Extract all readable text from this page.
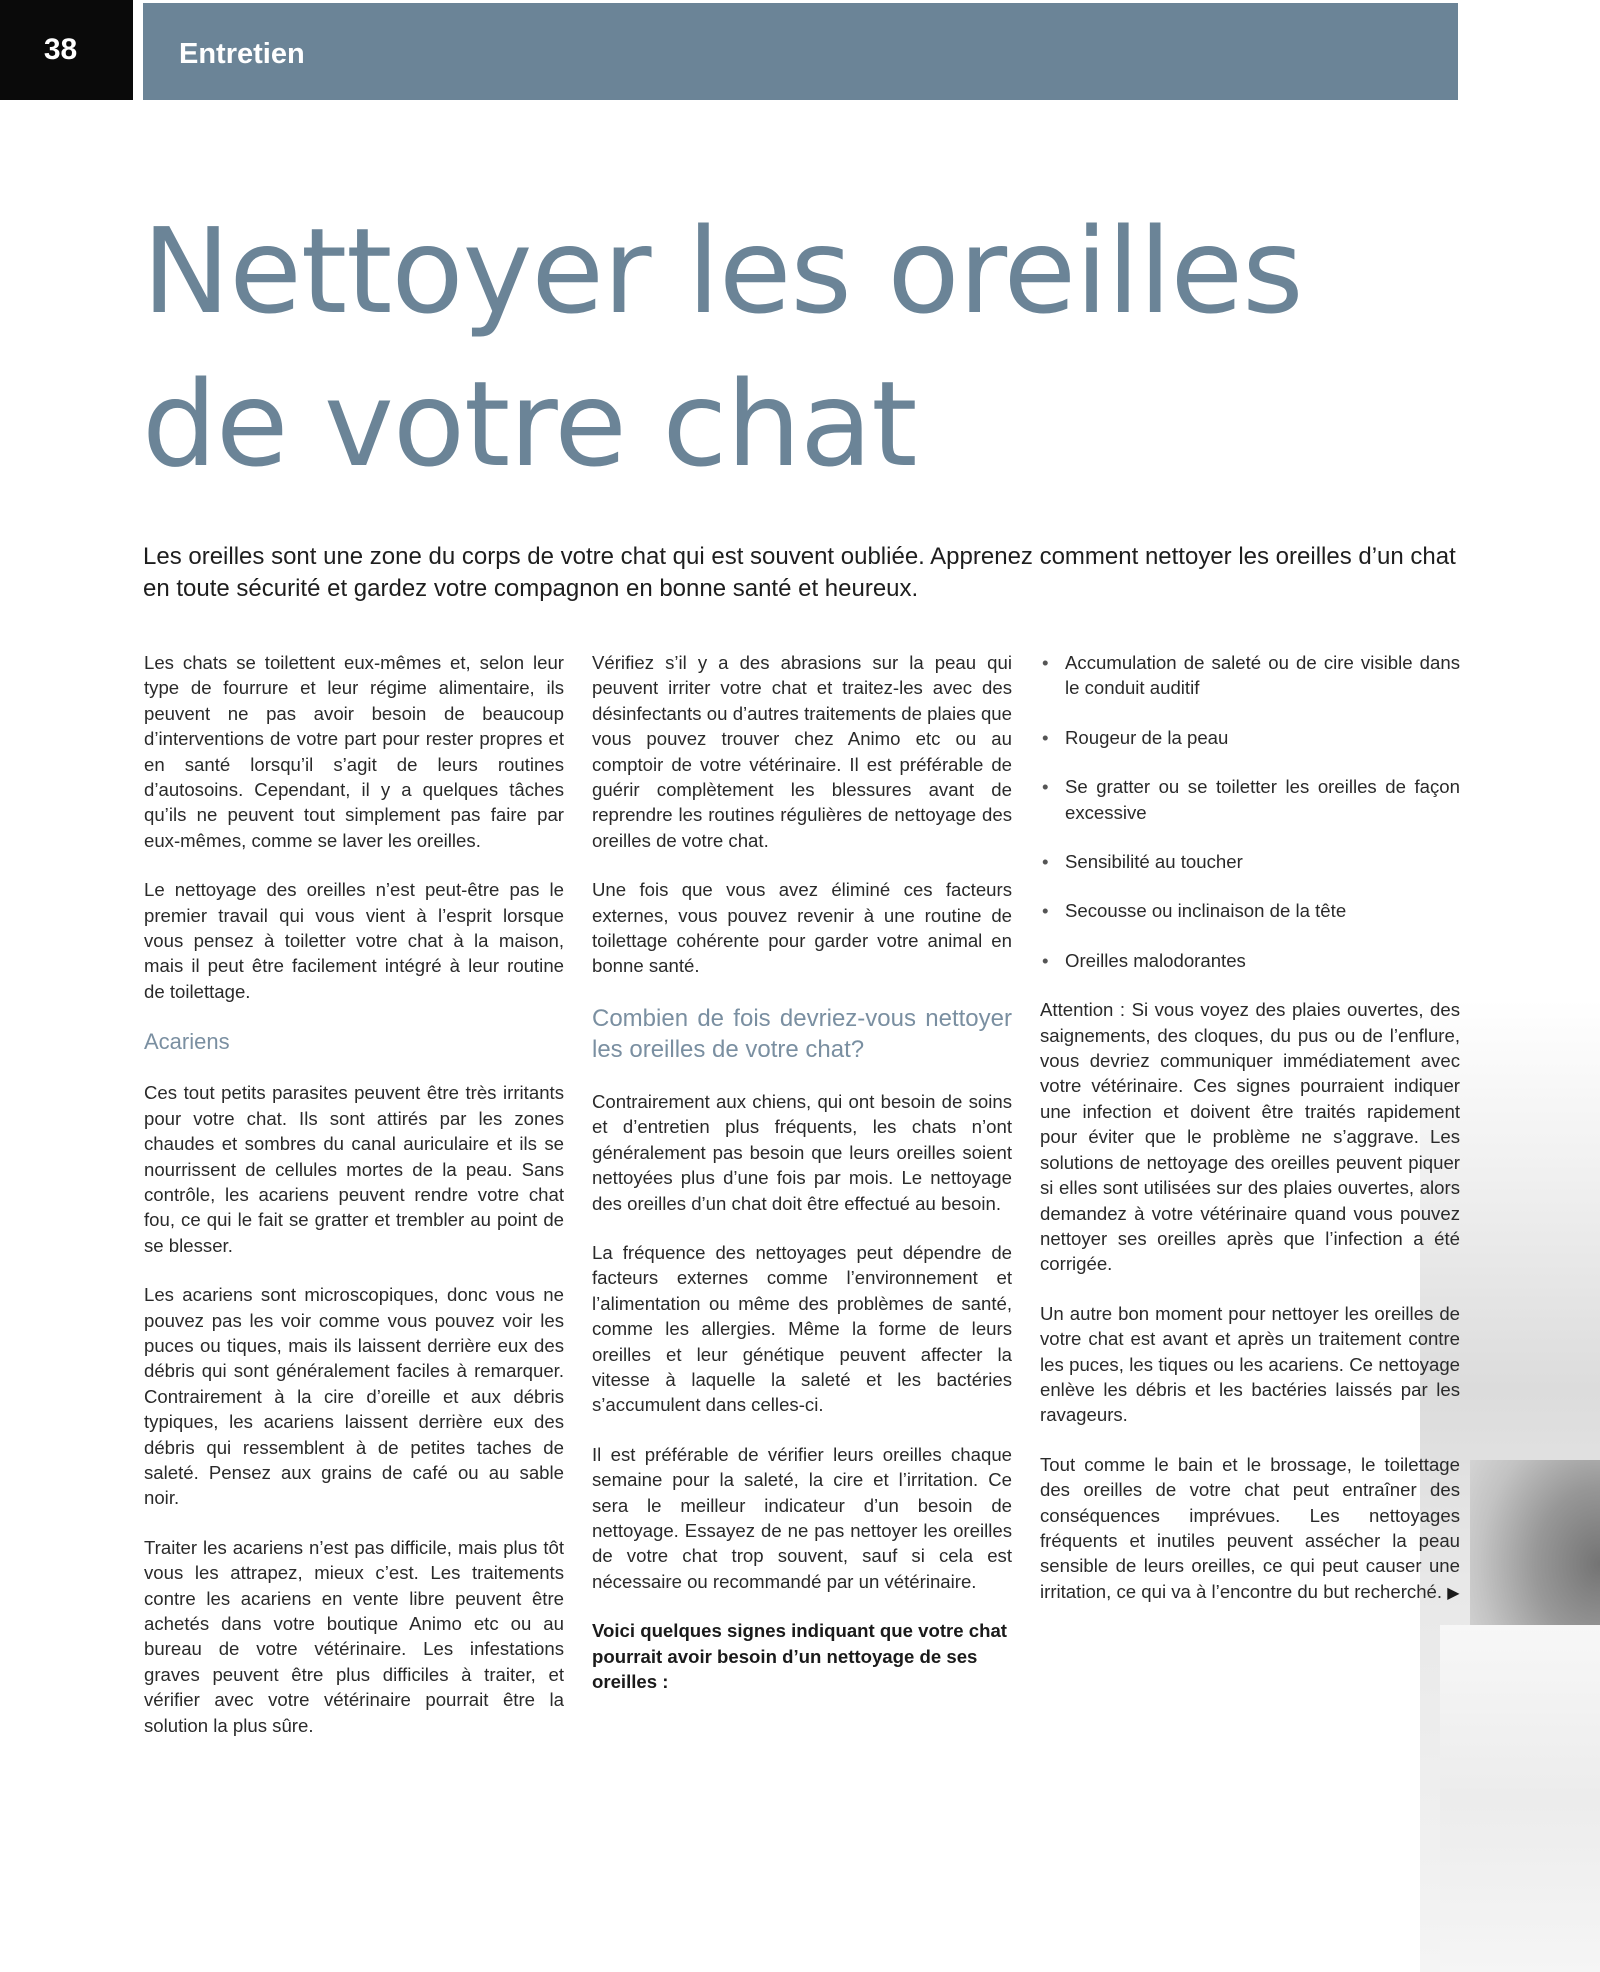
38	Entretien
Nettoyer les oreilles de votre chat

Les oreilles sont une zone du corps de votre chat qui est souvent oubliée. Apprenez comment nettoyer les oreilles d’un chat en toute sécurité et gardez votre compagnon en bonne santé et heureux.

Les chats se toilettent eux-mêmes et, selon leur type de fourrure et leur régime alimentaire, ils peuvent ne pas avoir besoin de beaucoup d’interventions de votre part pour rester propres et en santé lorsqu’il s’agit de leurs routines d’autosoins. Cependant, il y a quelques tâches qu’ils ne peuvent tout simplement pas faire par eux-mêmes, comme se laver les oreilles.

Le nettoyage des oreilles n’est peut-être pas le premier travail qui vous vient à l’esprit lorsque vous pensez à toiletter votre chat à la maison, mais il peut être facilement intégré à leur routine de toilettage.

Acariens

Ces tout petits parasites peuvent être très irritants pour votre chat. Ils sont attirés par les zones chaudes et sombres du canal auriculaire et ils se nourrissent de cellules mortes de la peau. Sans contrôle, les acariens peuvent rendre votre chat fou, ce qui le fait se gratter et trembler au point de se blesser.

Les acariens sont microscopiques, donc vous ne pouvez pas les voir comme vous pouvez voir les puces ou tiques, mais ils laissent derrière eux des débris qui sont généralement faciles à remarquer. Contrairement à la cire d’oreille et aux débris typiques, les acariens laissent derrière eux des débris qui ressemblent à de petites taches de saleté. Pensez aux grains de café ou au sable noir.

Traiter les acariens n’est pas difficile, mais plus tôt vous les attrapez, mieux c’est. Les traitements contre les acariens en vente libre peuvent être achetés dans votre boutique Animo etc ou au bureau de votre vétérinaire. Les infestations graves peuvent être plus difficiles à traiter, et vérifier avec votre vétérinaire pourrait être la solution la plus sûre.

Vérifiez s’il y a des abrasions sur la peau qui peuvent irriter votre chat et traitez-les avec des désinfectants ou d’autres traitements de plaies que vous pouvez trouver chez Animo etc ou au comptoir de votre vétérinaire. Il est préférable de guérir complètement les blessures avant de reprendre les routines régulières de nettoyage des oreilles de votre chat.

Une fois que vous avez éliminé ces facteurs externes, vous pouvez revenir à une routine de toilettage cohérente pour garder votre animal en bonne santé.

Combien de fois devriez-vous nettoyer les oreilles de votre chat?

Contrairement aux chiens, qui ont besoin de soins et d’entretien plus fréquents, les chats n’ont généralement pas besoin que leurs oreilles soient nettoyées plus d’une fois par mois. Le nettoyage des oreilles d’un chat doit être effectué au besoin.

La fréquence des nettoyages peut dépendre de facteurs externes comme l’environnement et l’alimentation ou même des problèmes de santé, comme les allergies. Même la forme de leurs oreilles et leur génétique peuvent affecter la vitesse à laquelle la saleté et les bactéries s’accumulent dans celles-ci.

Il est préférable de vérifier leurs oreilles chaque semaine pour la saleté, la cire et l’irritation. Ce sera le meilleur indicateur d’un besoin de nettoyage. Essayez de ne pas nettoyer les oreilles de votre chat trop souvent, sauf si cela est nécessaire ou recommandé par un vétérinaire.

Voici quelques signes indiquant que votre chat pourrait avoir besoin d’un nettoyage de ses oreilles :

• Accumulation de saleté ou de cire visible dans le conduit auditif
• Rougeur de la peau
• Se gratter ou se toiletter les oreilles de façon excessive
• Sensibilité au toucher
• Secousse ou inclinaison de la tête
• Oreilles malodorantes

Attention : Si vous voyez des plaies ouvertes, des saignements, des cloques, du pus ou de l’enflure, vous devriez communiquer immédiatement avec votre vétérinaire. Ces signes pourraient indiquer une infection et doivent être traités rapidement pour éviter que le problème ne s’aggrave. Les solutions de nettoyage des oreilles peuvent piquer si elles sont utilisées sur des plaies ouvertes, alors demandez à votre vétérinaire quand vous pouvez nettoyer ses oreilles après que l’infection a été corrigée.

Un autre bon moment pour nettoyer les oreilles de votre chat est avant et après un traitement contre les puces, les tiques ou les acariens. Ce nettoyage enlève les débris et les bactéries laissés par les ravageurs.

Tout comme le bain et le brossage, le toilettage des oreilles de votre chat peut entraîner des conséquences imprévues. Les nettoyages fréquents et inutiles peuvent assécher la peau sensible de leurs oreilles, ce qui peut causer une irritation, ce qui va à l’encontre du but recherché. ▶
